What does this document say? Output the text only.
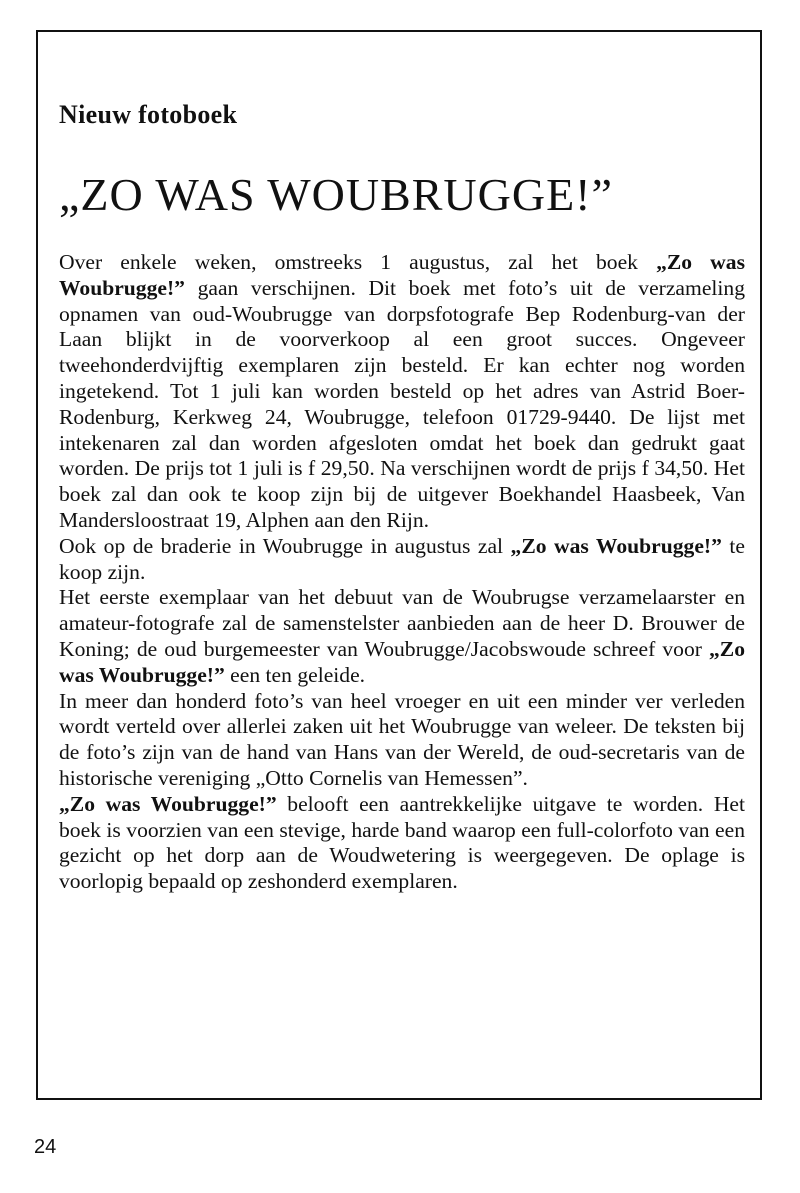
Nieuw fotoboek
„ZO WAS WOUBRUGGE!”

Over enkele weken, omstreeks 1 augustus, zal het boek „Zo was Woubrugge!” gaan verschijnen. Dit boek met foto’s uit de verzameling opnamen van oud-Woubrugge van dorpsfotografe Bep Rodenburg-van der Laan blijkt in de voorverkoop al een groot succes. Ongeveer tweehonderdvijftig exemplaren zijn besteld. Er kan echter nog worden ingetekend. Tot 1 juli kan worden besteld op het adres van Astrid Boer-Rodenburg, Kerkweg 24, Woubrugge, telefoon 01729-9440. De lijst met intekenaren zal dan worden afgesloten omdat het boek dan gedrukt gaat worden. De prijs tot 1 juli is f 29,50. Na verschijnen wordt de prijs f 34,50. Het boek zal dan ook te koop zijn bij de uitgever Boekhandel Haasbeek, Van Mandersloostraat 19, Alphen aan den Rijn.

Ook op de braderie in Woubrugge in augustus zal „Zo was Woubrugge!” te koop zijn.

Het eerste exemplaar van het debuut van de Woubrugse verzamelaarster en amateur-fotografe zal de samenstelster aanbieden aan de heer D. Brouwer de Koning; de oud burgemeester van Woubrugge/Jacobswoude schreef voor „Zo was Woubrugge!” een ten geleide.

In meer dan honderd foto’s van heel vroeger en uit een minder ver verleden wordt verteld over allerlei zaken uit het Woubrugge van weleer. De teksten bij de foto’s zijn van de hand van Hans van der Wereld, de oud-secretaris van de historische vereniging „Otto Cornelis van Hemessen”.

„Zo was Woubrugge!” belooft een aantrekkelijke uitgave te worden. Het boek is voorzien van een stevige, harde band waarop een full-colorfoto van een gezicht op het dorp aan de Woudwetering is weergegeven. De oplage is voorlopig bepaald op zeshonderd exemplaren.

24
